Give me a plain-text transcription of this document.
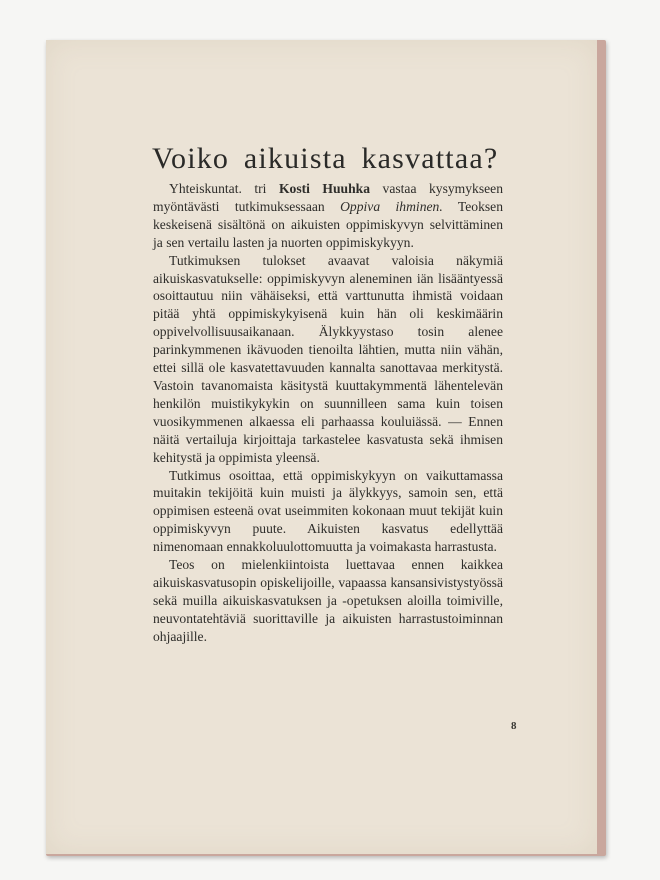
Voiko aikuista kasvattaa?

Yhteiskuntat. tri Kosti Huuhka vastaa kysymykseen myöntävästi tutkimuksessaan Oppiva ihminen. Teoksen keskeisenä sisältönä on aikuisten oppimiskyvyn selvittäminen ja sen vertailu lasten ja nuorten oppimiskykyyn.

Tutkimuksen tulokset avaavat valoisia näkymiä aikuiskasvatukselle: oppimiskyvyn aleneminen iän lisääntyessä osoittautuu niin vähäiseksi, että varttunutta ihmistä voidaan pitää yhtä oppimiskykyisenä kuin hän oli keskimäärin oppivelvollisuusaikanaan. Älykkyystaso tosin alenee parinkymmenen ikävuoden tienoilta lähtien, mutta niin vähän, ettei sillä ole kasvatettavuuden kannalta sanottavaa merkitystä. Vastoin tavanomaista käsitystä kuuttakymmentä lähentelevän henkilön muistikykykin on suunnilleen sama kuin toisen vuosikymmenen alkaessa eli parhaassa kouluiässä. — Ennen näitä vertailuja kirjoittaja tarkastelee kasvatusta sekä ihmisen kehitystä ja oppimista yleensä.

Tutkimus osoittaa, että oppimiskykyyn on vaikuttamassa muitakin tekijöitä kuin muisti ja älykkyys, samoin sen, että oppimisen esteenä ovat useimmiten kokonaan muut tekijät kuin oppimiskyvyn puute. Aikuisten kasvatus edellyttää nimenomaan ennakkoluulottomuutta ja voimakasta harrastusta.

Teos on mielenkiintoista luettavaa ennen kaikkea aikuiskasvatusopin opiskelijoille, vapaassa kansansivistystyössä sekä muilla aikuiskasvatuksen ja -opetuksen aloilla toimiville, neuvontatehtäviä suorittaville ja aikuisten harrastustoiminnan ohjaajille.

8
